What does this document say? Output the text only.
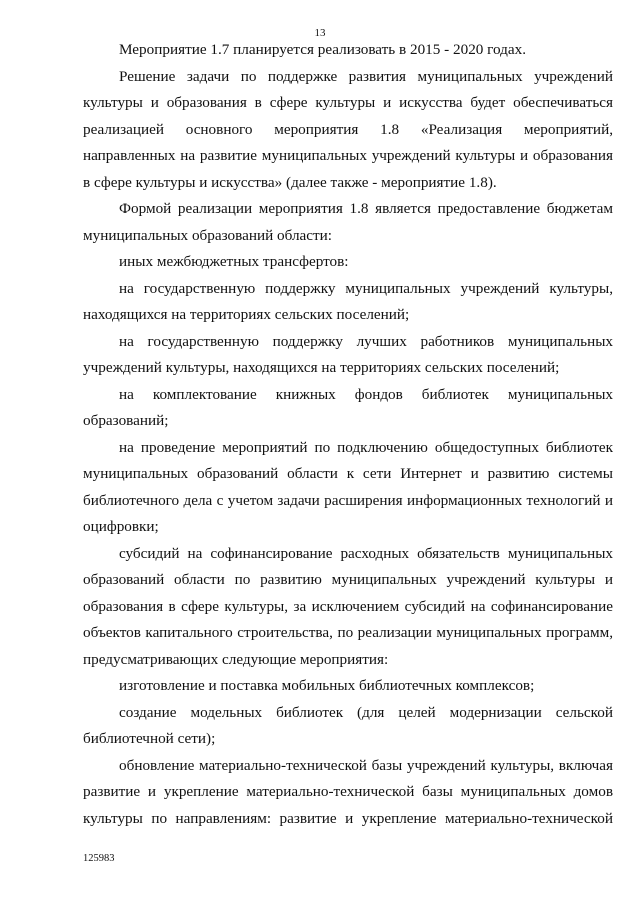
13

Мероприятие 1.7 планируется реализовать в 2015 - 2020 годах.

Решение задачи по поддержке развития муниципальных учреждений культуры и образования в сфере культуры и искусства будет обеспечиваться реализацией основного мероприятия 1.8 «Реализация мероприятий, направленных на развитие муниципальных учреждений культуры и образования в сфере культуры и искусства» (далее также - мероприятие 1.8).

Формой реализации мероприятия 1.8 является предоставление бюджетам муниципальных образований области:

иных межбюджетных трансфертов:

на государственную поддержку муниципальных учреждений культуры, находящихся на территориях сельских поселений;

на государственную поддержку лучших работников муниципальных учреждений культуры, находящихся на территориях сельских поселений;

на комплектование книжных фондов библиотек муниципальных образований;

на проведение мероприятий по подключению общедоступных библиотек муниципальных образований области к сети Интернет и развитию системы библиотечного дела с учетом задачи расширения информационных технологий и оцифровки;

субсидий на софинансирование расходных обязательств муниципальных образований области по развитию муниципальных учреждений культуры и образования в сфере культуры, за исключением субсидий на софинансирование объектов капитального строительства, по реализации муниципальных программ, предусматривающих следующие мероприятия:

изготовление и поставка мобильных библиотечных комплексов;

создание модельных библиотек (для целей модернизации сельской библиотечной сети);

обновление материально-технической базы учреждений культуры, включая развитие и укрепление материально-технической базы муниципальных домов культуры по направлениям: развитие и укрепление материально-технической

125983
